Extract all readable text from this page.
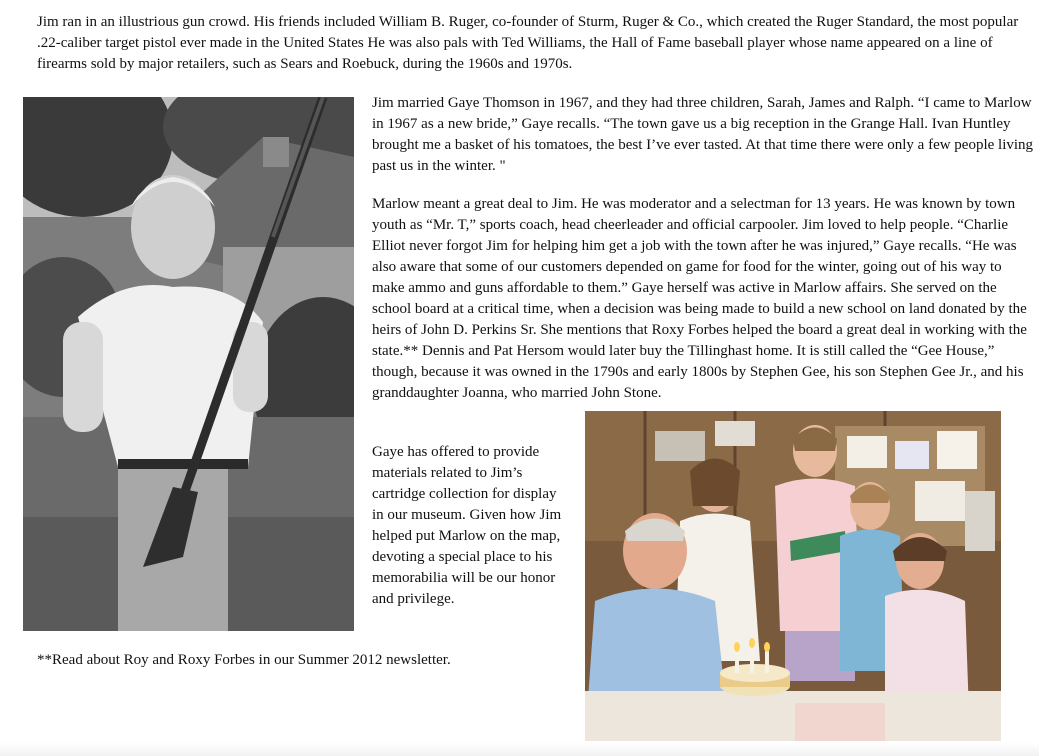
Jim ran in an illustrious gun crowd. His friends included William B. Ruger, co-founder of Sturm, Ruger & Co., which created the Ruger Standard, the most popular .22-caliber target pistol ever made in the United States He was also pals with Ted Williams, the Hall of Fame baseball player whose name appeared on a line of firearms sold by major retailers, such as Sears and Roebuck, during the 1960s and 1970s.

Jim married Gaye Thomson in 1967, and they had three children, Sarah, James and Ralph. “I came to Marlow in 1967 as a new bride,” Gaye recalls. “The town gave us a big reception in the Grange Hall. Ivan Huntley brought me a basket of his tomatoes, the best I’ve ever tasted. At that time there were only a few people living past us in the winter. "

Marlow meant a great deal to Jim. He was moderator and a selectman for 13 years. He was known by town youth as “Mr. T,” sports coach, head cheerleader and official carpooler. Jim loved to help people. “Charlie Elliot never forgot Jim for helping him get a job with the town after he was injured,” Gaye recalls. “He was also aware that some of our customers depended on game for food for the winter, going out of his way to make ammo and guns affordable to them.” Gaye herself was active in Marlow affairs. She served on the school board at a critical time, when a decision was being made to build a new school on land donated by the heirs of John D. Perkins Sr. She mentions that Roxy Forbes helped the board a great deal in working with the state.** Dennis and Pat Hersom would later buy the Tillinghast home. It is still called the “Gee House,” though, because it was owned in the 1790s and early 1800s by Stephen Gee, his son Stephen Gee Jr., and his granddaughter Joanna, who married John Stone.

Gaye has offered to provide materials related to Jim’s cartridge collection for display in our museum. Given how Jim helped put Marlow on the map, devoting a special place to his memorabilia will be our honor and privilege.

**Read about Roy and Roxy Forbes in our Summer 2012 newsletter.
